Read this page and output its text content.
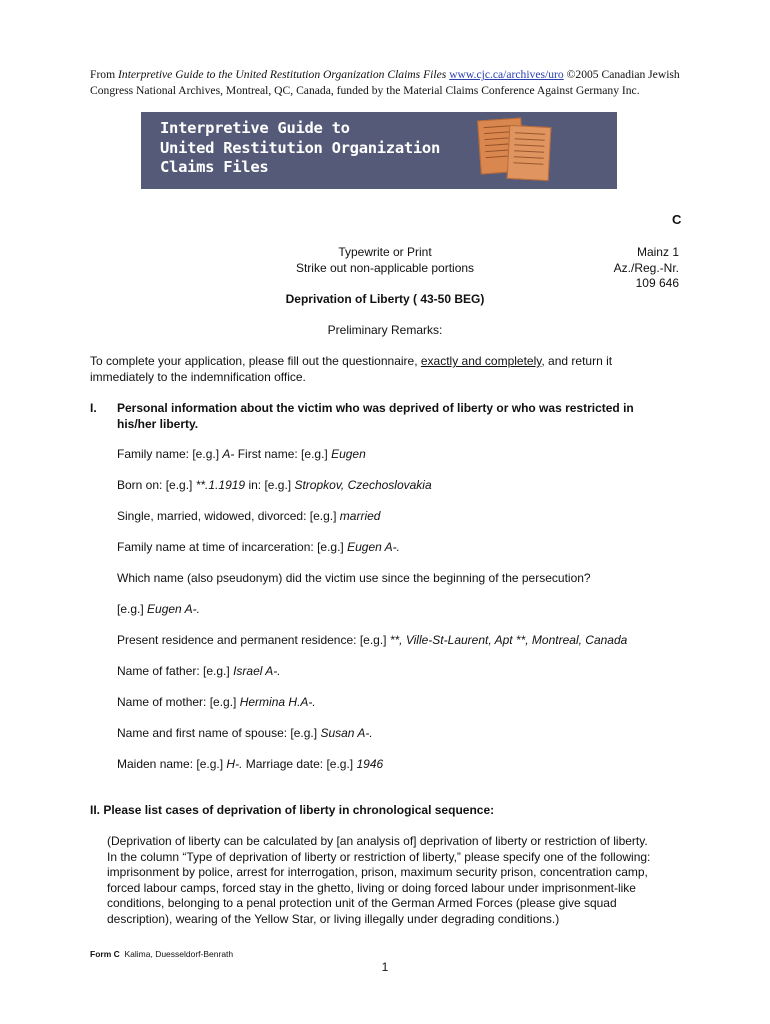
From Interpretive Guide to the United Restitution Organization Claims Files www.cjc.ca/archives/uro ©2005 Canadian Jewish
Congress National Archives, Montreal, QC, Canada, funded by the Material Claims Conference Against Germany Inc.
Interpretive Guide to
United Restitution Organization
Claims Files
C
Typewrite or Print
Strike out non-applicable portions
Mainz 1
Az./Reg.-Nr.
109 646
Deprivation of Liberty ( 43-50 BEG)
Preliminary Remarks:
To complete your application, please fill out the questionnaire, exactly and completely, and return it
immediately to the indemnification office.
I. Personal information about the victim who was deprived of liberty or who was restricted in
his/her liberty.
Family name: [e.g.] A- First name: [e.g.] Eugen
Born on: [e.g.] **.1.1919 in: [e.g.] Stropkov, Czechoslovakia
Single, married, widowed, divorced: [e.g.] married
Family name at time of incarceration: [e.g.] Eugen A-.
Which name (also pseudonym) did the victim use since the beginning of the persecution?
[e.g.] Eugen A-.
Present residence and permanent residence: [e.g.] **, Ville-St-Laurent, Apt **, Montreal, Canada
Name of father: [e.g.] Israel A-.
Name of mother: [e.g.] Hermina H.A-.
Name and first name of spouse: [e.g.] Susan A-.
Maiden name: [e.g.] H-. Marriage date: [e.g.] 1946
II. Please list cases of deprivation of liberty in chronological sequence:
(Deprivation of liberty can be calculated by [an analysis of] deprivation of liberty or restriction of liberty.
In the column “Type of deprivation of liberty or restriction of liberty,” please specify one of the following:
imprisonment by police, arrest for interrogation, prison, maximum security prison, concentration camp,
forced labour camps, forced stay in the ghetto, living or doing forced labour under imprisonment-like
conditions, belonging to a penal protection unit of the German Armed Forces (please give squad
description), wearing of the Yellow Star, or living illegally under degrading conditions.)
Form C Kalima, Duesseldorf-Benrath
1
